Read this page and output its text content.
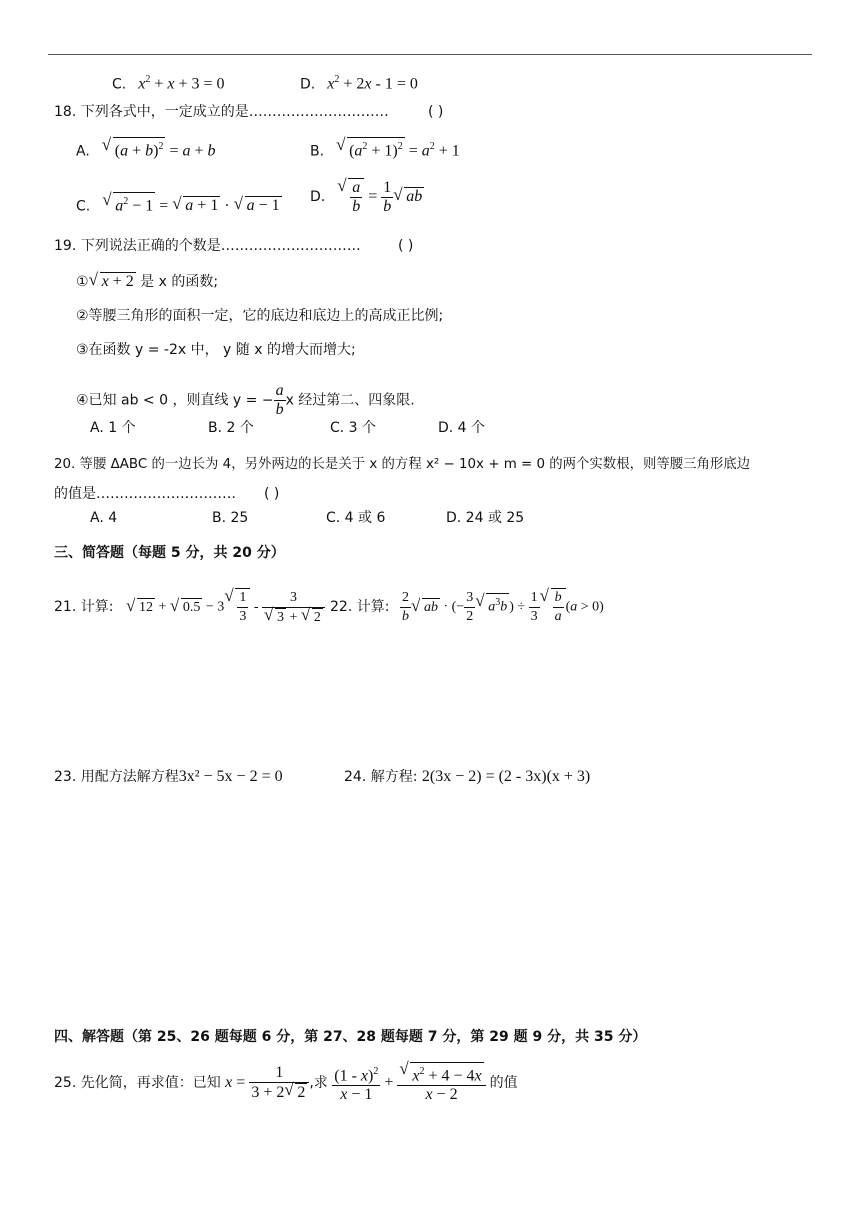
C. $x^2 + x + 3 = 0$	D. $x^2 + 2x - 1 = 0$
18. 下列各式中，一定成立的是…………………………	( )
A. √ $(a + b)^2 = a + b$	B. √ $(a^2 + 1)^2 = a^2 + 1$
C. √ $a^2 - 1$ = √ a + 1 · √ a − 1
D. √ $\frac{a}{b} = \frac{1}{b}$ √ ab
19. 下列说法正确的个数是…………………………	( )
① √ x + 2 是 x 的函数;
②等腰三角形的面积一定，它的底边和底边上的高成正比例;
③在函数 y = -2x 中， y 随 x 的增大而增大;
④已知 ab < 0 ，则直线 y = − $\frac{a}{b}$ x 经过第二、四象限.
A. 1 个	B. 2 个	C. 3 个	D. 4 个
20. 等腰 ΔABC 的一边长为 4，另外两边的长是关于 x 的方程 x² − 10x + m = 0 的两个实数根，则等腰三角形底边
的值是………………………… ( )
A. 4	B. 25	C. 4 或 6	D. 24 或 25
三、简答题（每题 5 分，共 20 分）
21. 计算:	√ 12 + √ 0.5 − 3 √ $\frac{1}{3} - 3$
√ 3 + √ 2 22. 计算: $\frac{2}{b}$ √ ab · (− $\frac{3}{2}$ √ $a^3b$ ) ÷ $\frac{1}{3}$ √ $\frac{b}{a} (a > 0)$
23. 用配方法解方程3x² − 5x − 2 = 0	24. 解方程: 2(3x − 2) = (2 - 3x)(x + 3)
四、解答题（第 25、26 题每题 6 分，第 27、28 题每题 7 分，第 29 题 9 分，共 35 分）
25. 先化简，再求值：已知 $x = \frac{1}{3 + 2 √ 2}$ ,求 $\frac{(1 - x)^2}{x - 1}$ + √ $\frac{x^2 + 4 - 4x}{x - 2}$ 的值
